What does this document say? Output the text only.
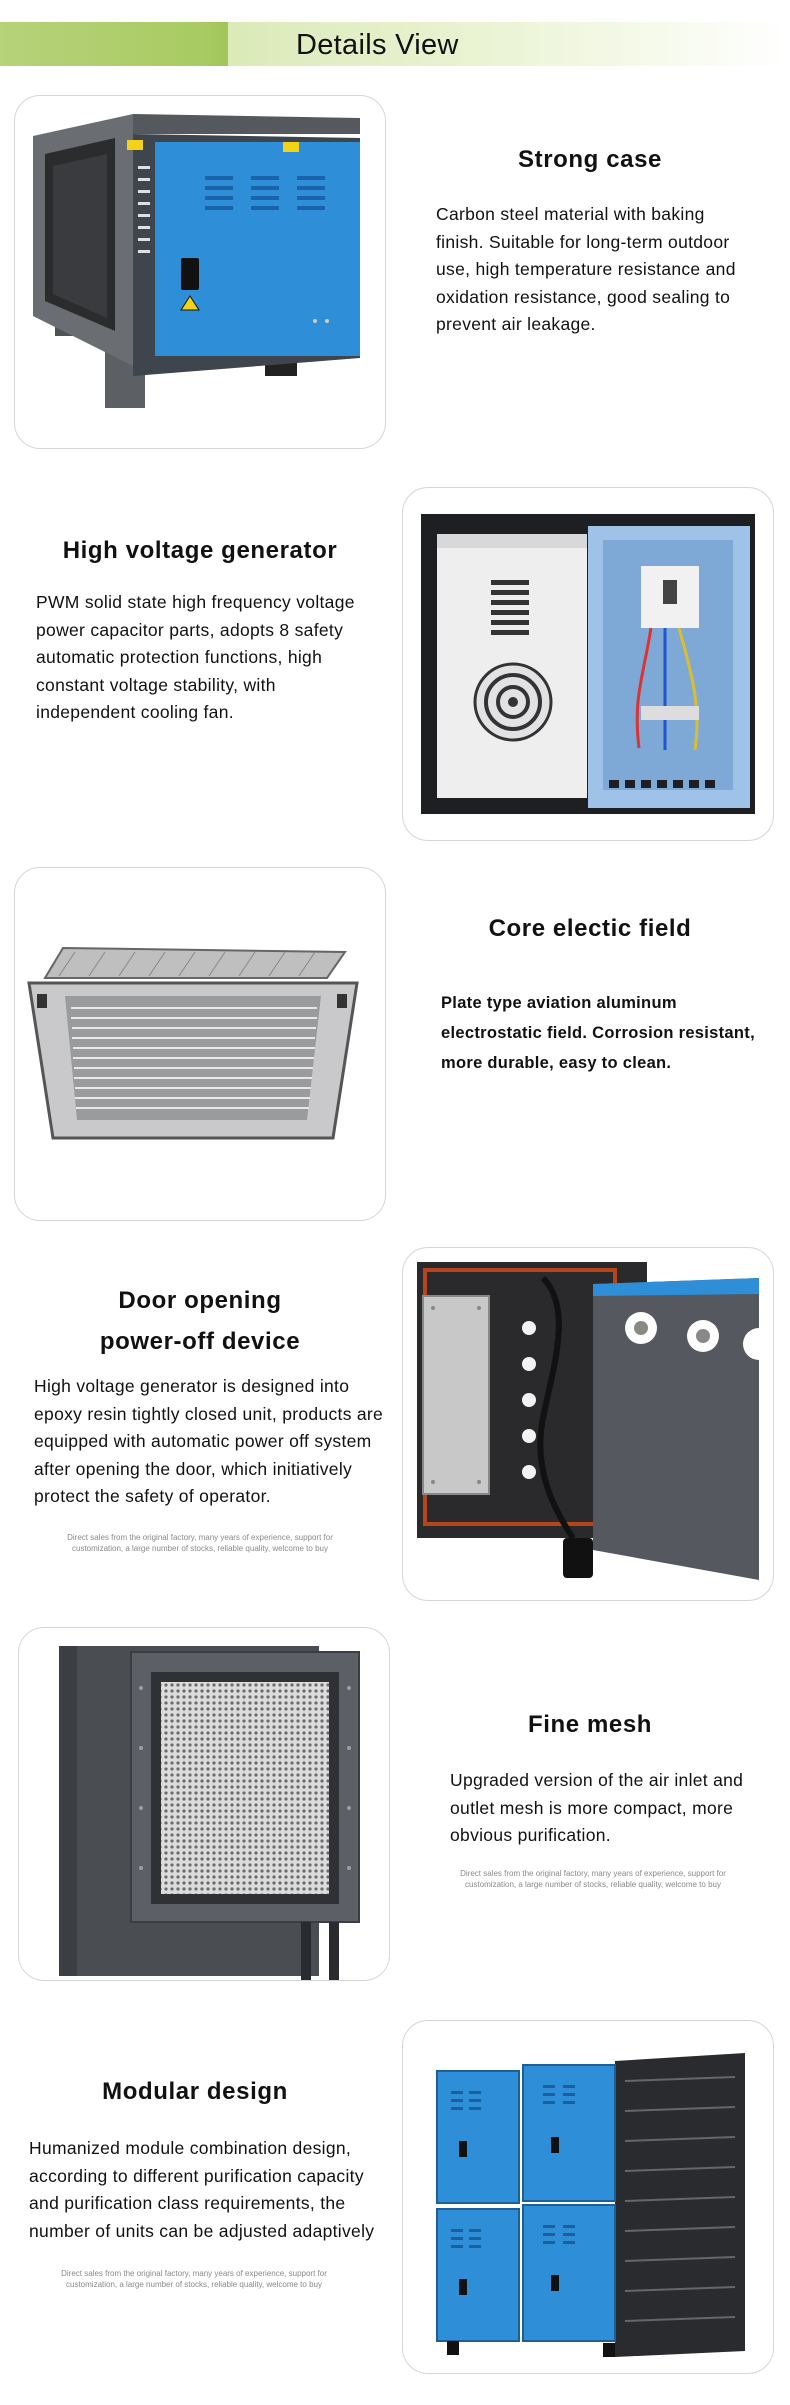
Details View
Strong case
Carbon steel material with baking finish. Suitable for long-term outdoor use, high temperature resistance and oxidation resistance, good sealing to prevent air leakage.
High voltage generator
PWM solid state high frequency voltage power capacitor parts, adopts 8 safety automatic protection functions, high constant voltage stability, with independent cooling fan.
Core electic field
Plate type aviation aluminum electrostatic field. Corrosion resistant, more durable, easy to clean.
Door opening
power-off device
High voltage generator is designed into epoxy resin tightly closed unit, products are equipped with automatic power off system after opening the door, which initiatively protect the safety of operator.
Direct sales from the original factory, many years of experience, support for
customization, a large number of stocks, reliable quality, welcome to buy
Fine mesh
Upgraded version of the air inlet and outlet mesh is more compact, more obvious purification.
Direct sales from the original factory, many years of experience, support for
customization, a large number of stocks, reliable quality, welcome to buy
Modular design
Humanized module combination design, according to different purification capacity and purification class requirements, the number of units can be adjusted adaptively
Direct sales from the original factory, many years of experience, support for
customization, a large number of stocks, reliable quality, welcome to buy
